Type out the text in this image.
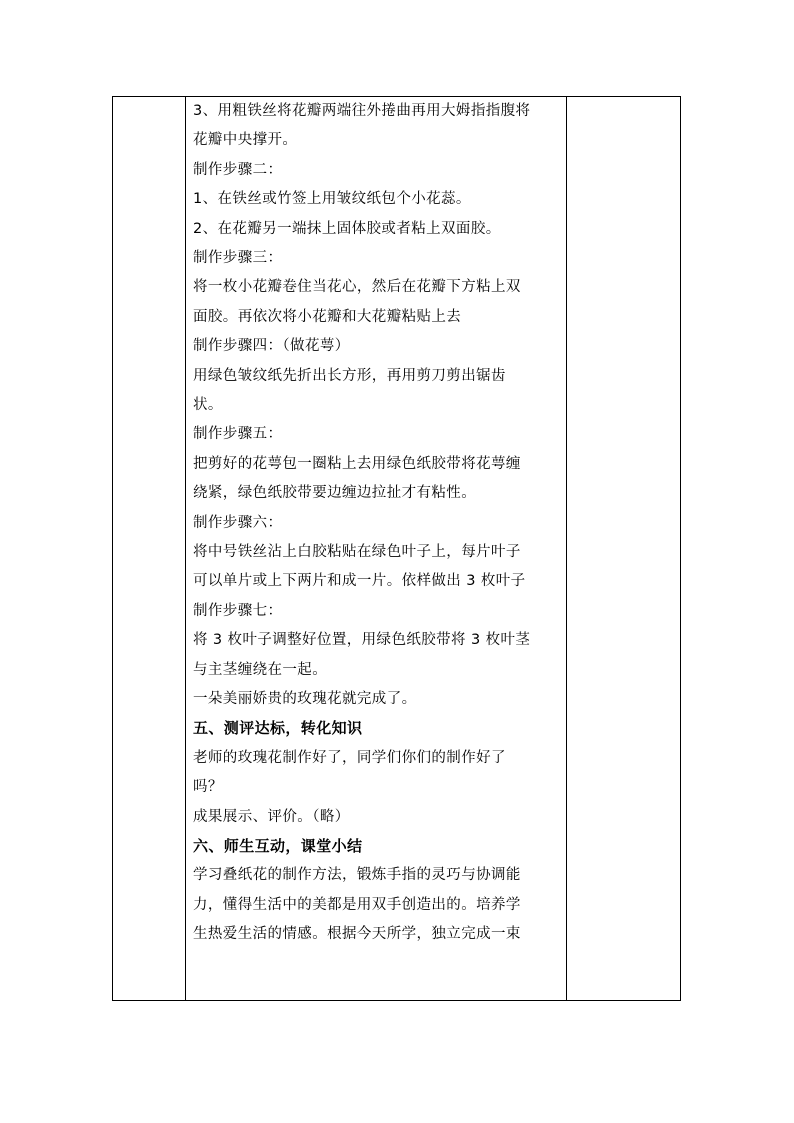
3、用粗铁丝将花瓣两端往外捲曲再用大姆指指腹将
花瓣中央撑开。
制作步骤二：
1、在铁丝或竹签上用皱纹纸包个小花蕊。
2、在花瓣另一端抹上固体胶或者粘上双面胶。
制作步骤三：
将一枚小花瓣卷住当花心，然后在花瓣下方粘上双
面胶。再依次将小花瓣和大花瓣粘贴上去
制作步骤四：（做花萼）
用绿色皱纹纸先折出长方形，再用剪刀剪出锯齿
状。
制作步骤五：
把剪好的花萼包一圈粘上去用绿色纸胶带将花萼缠
绕紧，绿色纸胶带要边缠边拉扯才有粘性。
制作步骤六：
将中号铁丝沾上白胶粘贴在绿色叶子上，每片叶子
可以单片或上下两片和成一片。依样做出 3 枚叶子
制作步骤七：
将 3 枚叶子调整好位置，用绿色纸胶带将 3 枚叶茎
与主茎缠绕在一起。
一朵美丽娇贵的玫瑰花就完成了。
五、测评达标，转化知识
老师的玫瑰花制作好了，同学们你们的制作好了
吗？
成果展示、评价。（略）
六、师生互动，课堂小结
学习叠纸花的制作方法，锻炼手指的灵巧与协调能
力，懂得生活中的美都是用双手创造出的。培养学
生热爱生活的情感。根据今天所学，独立完成一束
